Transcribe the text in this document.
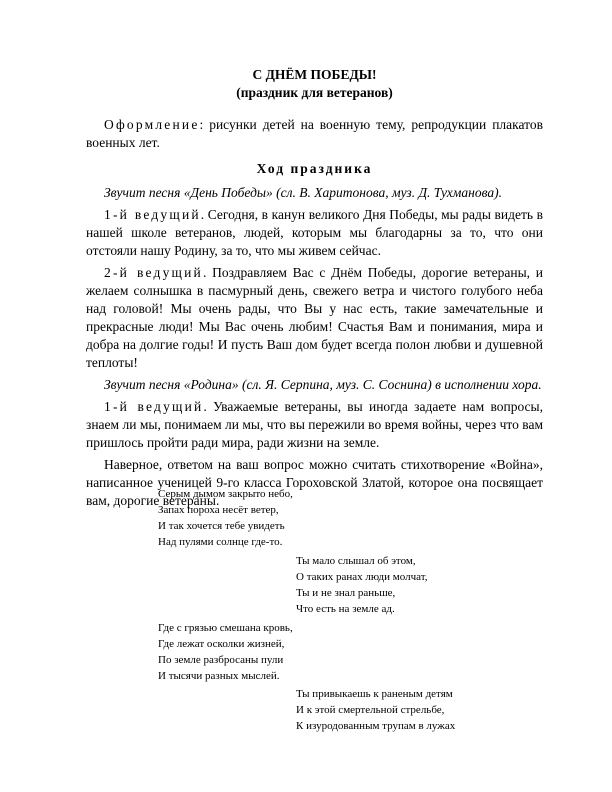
С ДНЁМ ПОБЕДЫ!
(праздник для ветеранов)

Оформление: рисунки детей на военную тему, репродукции плакатов военных лет.

Ход праздника

Звучит песня «День Победы» (сл. В. Харитонова, муз. Д. Тухманова).

1-й ведущий. Сегодня, в канун великого Дня Победы, мы рады видеть в нашей школе ветеранов, людей, которым мы благодарны за то, что они отстояли нашу Родину, за то, что мы живем сейчас.

2-й ведущий. Поздравляем Вас с Днём Победы, дорогие ветераны, и желаем солнышка в пасмурный день, свежего ветра и чистого голубого неба над головой! Мы очень рады, что Вы у нас есть, такие замечательные и прекрасные люди! Мы Вас очень любим! Счастья Вам и понимания, мира и добра на долгие годы! И пусть Ваш дом будет всегда полон любви и душевной теплоты!

Звучит песня «Родина» (сл. Я. Серпина, муз. С. Соснина) в исполнении хора.

1-й ведущий. Уважаемые ветераны, вы иногда задаете нам вопросы, знаем ли мы, понимаем ли мы, что вы пережили во время войны, через что вам пришлось пройти ради мира, ради жизни на земле.

Наверное, ответом на ваш вопрос можно считать стихотворение «Война», написанное ученицей 9-го класса Гороховской Златой, которое она посвящает вам, дорогие ветераны.

Серым дымом закрыто небо,
Запах пороха несёт ветер,
И так хочется тебе увидеть
Над пулями солнце где-то.
Ты мало слышал об этом,
О таких ранах люди молчат,
Ты и не знал раньше,
Что есть на земле ад.
Где с грязью смешана кровь,
Где лежат осколки жизней,
По земле разбросаны пули
И тысячи разных мыслей.
Ты привыкаешь к раненым детям
И к этой смертельной стрельбе,
К изуродованным трупам в лужах
